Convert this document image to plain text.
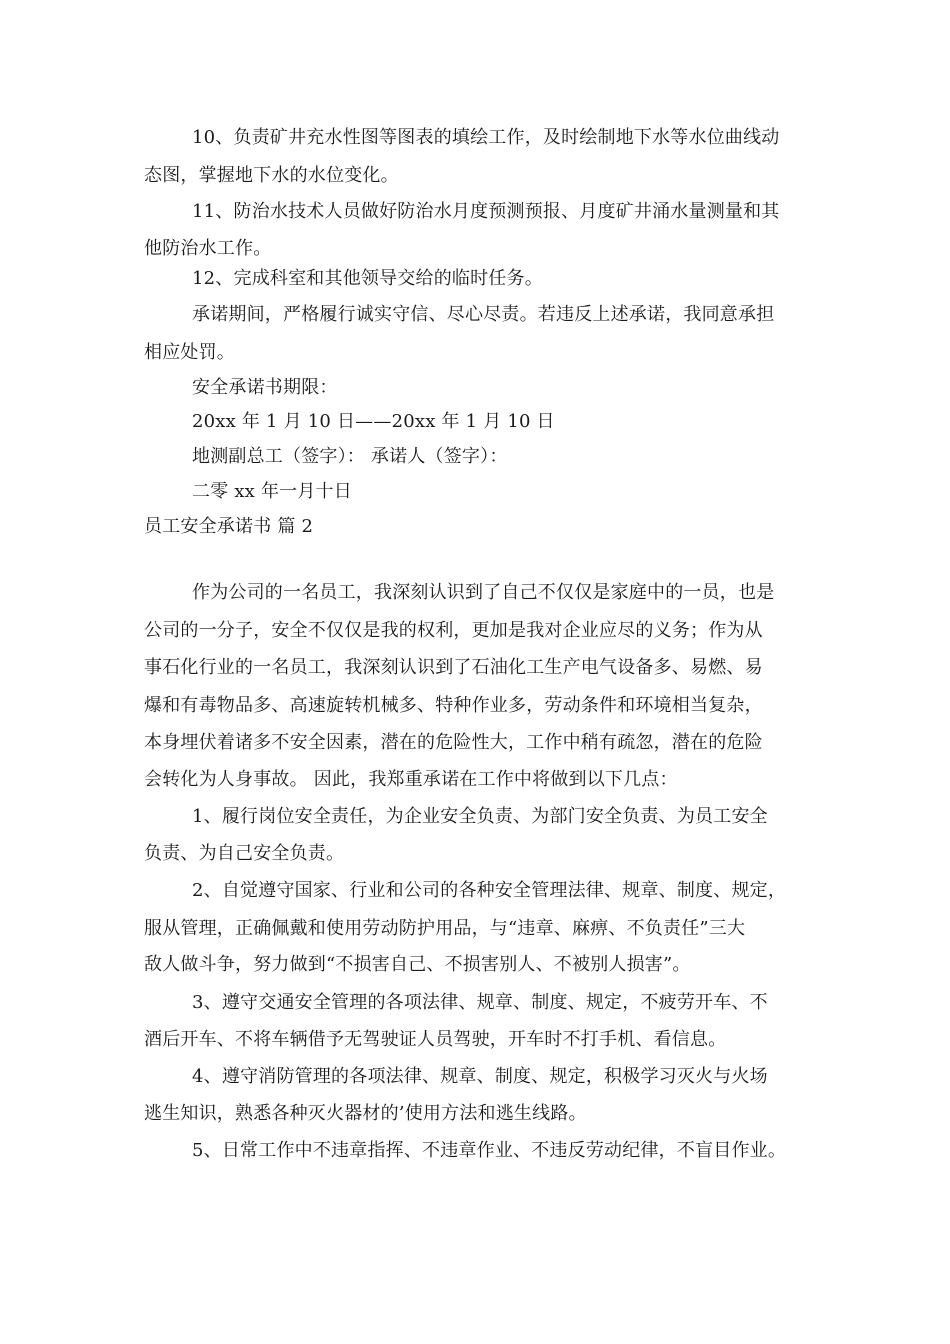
10、负责矿井充水性图等图表的填绘工作，及时绘制地下水等水位曲线动
态图，掌握地下水的水位变化。
11、防治水技术人员做好防治水月度预测预报、月度矿井涌水量测量和其
他防治水工作。
12、完成科室和其他领导交给的临时任务。
承诺期间，严格履行诚实守信、尽心尽责。若违反上述承诺，我同意承担
相应处罚。
安全承诺书期限：
20xx 年 1 月 10 日——20xx 年 1 月 10 日
地测副总工（签字）： 承诺人（签字）：
二零 xx 年一月十日
员工安全承诺书 篇 2
作为公司的一名员工，我深刻认识到了自己不仅仅是家庭中的一员，也是
公司的一分子，安全不仅仅是我的权利，更加是我对企业应尽的义务；作为从
事石化行业的一名员工，我深刻认识到了石油化工生产电气设备多、易燃、易
爆和有毒物品多、高速旋转机械多、特种作业多，劳动条件和环境相当复杂，
本身埋伏着诸多不安全因素，潜在的危险性大，工作中稍有疏忽，潜在的危险
会转化为人身事故。 因此，我郑重承诺在工作中将做到以下几点：
1、履行岗位安全责任，为企业安全负责、为部门安全负责、为员工安全
负责、为自己安全负责。
2、自觉遵守国家、行业和公司的各种安全管理法律、规章、制度、规定，
服从管理，正确佩戴和使用劳动防护用品，与“违章、麻痹、不负责任”三大
敌人做斗争，努力做到“不损害自己、不损害别人、不被别人损害”。
3、遵守交通安全管理的各项法律、规章、制度、规定，不疲劳开车、不
酒后开车、不将车辆借予无驾驶证人员驾驶，开车时不打手机、看信息。
4、遵守消防管理的各项法律、规章、制度、规定，积极学习灭火与火场
逃生知识，熟悉各种灭火器材的’使用方法和逃生线路。
5、日常工作中不违章指挥、不违章作业、不违反劳动纪律，不盲目作业。
